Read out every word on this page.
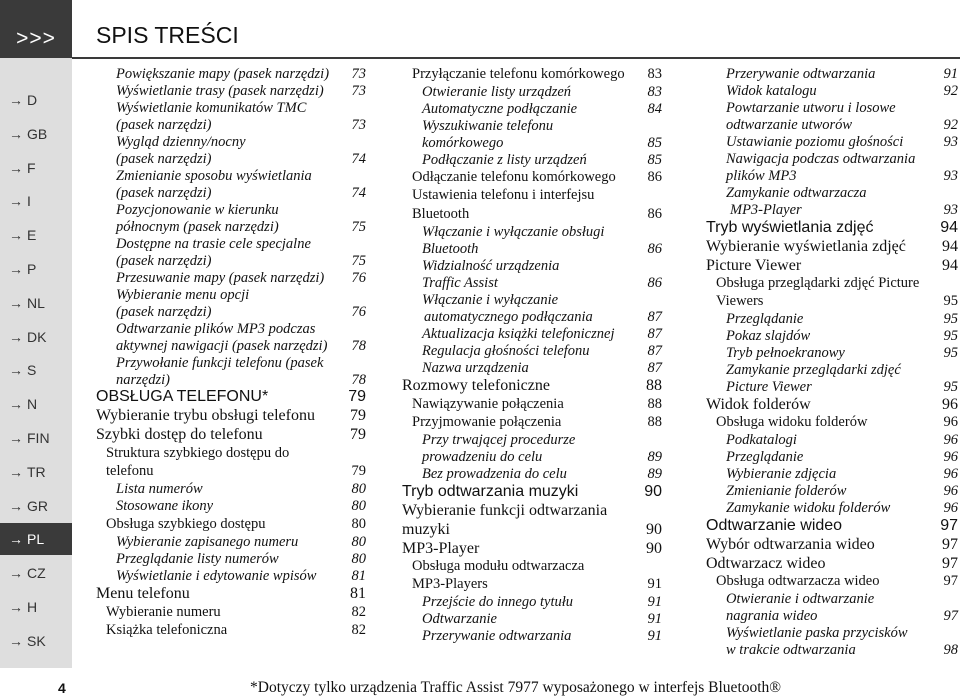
>>>
→ D
→ GB
→ F
→ I
→ E
→ P
→ NL
→ DK
→ S
→ N
→ FIN
→ TR
→ GR
→ PL
→ CZ
→ H
→ SK
SPIS TREŚCI
Powiększanie mapy (pasek narzędzi) 73
Wyświetlanie trasy (pasek narzędzi) 73
Wyświetlanie komunikatów TMC
(pasek narzędzi)	73
Wygląd dzienny/nocny
(pasek narzędzi)	74
Zmienianie sposobu wyświetlania
(pasek narzędzi)	74
Pozycjonowanie w kierunku
północnym (pasek narzędzi)	75
Dostępne na trasie cele specjalne
(pasek narzędzi)	75
Przesuwanie mapy (pasek narzędzi) 76
Wybieranie menu opcji
(pasek narzędzi)	76
Odtwarzanie plików MP3 podczas
aktywnej nawigacji (pasek narzędzi) 78
Przywołanie funkcji telefonu (pasek
narzędzi)	78
OBSŁUGA TELEFONU*	79
Wybieranie trybu obsługi telefonu 79
Szybki dostęp do telefonu	79
Struktura szybkiego dostępu do
telefonu	79
Lista numerów	80
Stosowane ikony	80
Obsługa szybkiego dostępu	80
Wybieranie zapisanego numeru	80
Przeglądanie listy numerów	80
Wyświetlanie i edytowanie wpisów 81
Menu telefonu	81
Wybieranie numeru	82
Książka telefoniczna	82
Przyłączanie telefonu komórkowego 83
Otwieranie listy urządzeń	83
Automatyczne podłączanie	84
Wyszukiwanie telefonu
komórkowego	85
Podłączanie z listy urządzeń	85
Odłączanie telefonu komórkowego 86
Ustawienia telefonu i interfejsu
Bluetooth	86
Włączanie i wyłączanie obsługi
Bluetooth	86
Widzialność urządzenia
Traffic Assist	86
Włączanie i wyłączanie
automatycznego podłączania	87
Aktualizacja książki telefonicznej 87
Regulacja głośności telefonu	87
Nazwa urządzenia	87
Rozmowy telefoniczne	88
Nawiązywanie połączenia	88
Przyjmowanie połączenia	88
Przy trwającej procedurze
prowadzeniu do celu	89
Bez prowadzenia do celu	89
Tryb odtwarzania muzyki	90
Wybieranie funkcji odtwarzania
muzyki	90
MP3-Player	90
Obsługa modułu odtwarzacza
MP3-Players	91
Przejście do innego tytułu	91
Odtwarzanie	91
Przerywanie odtwarzania	91
Przerywanie odtwarzania	91
Widok katalogu	92
Powtarzanie utworu i losowe
odtwarzanie utworów	92
Ustawianie poziomu głośności	93
Nawigacja podczas odtwarzania
plików MP3	93
Zamykanie odtwarzacza
MP3-Player	93
Tryb wyświetlania zdjęć	94
Wybieranie wyświetlania zdjęć 94
Picture Viewer	94
Obsługa przeglądarki zdjęć Picture
Viewers	95
Przeglądanie	95
Pokaz slajdów	95
Tryb pełnoekranowy	95
Zamykanie przeglądarki zdjęć
Picture Viewer	95
Widok folderów	96
Obsługa widoku folderów	96
Podkatalogi	96
Przeglądanie	96
Wybieranie zdjęcia	96
Zmienianie folderów	96
Zamykanie widoku folderów	96
Odtwarzanie wideo	97
Wybór odtwarzania wideo	97
Odtwarzacz wideo	97
Obsługa odtwarzacza wideo	97
Otwieranie i odtwarzanie
nagrania wideo	97
Wyświetlanie paska przycisków
w trakcie odtwarzania	98
4	*Dotyczy tylko urządzenia Traffic Assist 7977 wyposażonego w interfejs Bluetooth®
